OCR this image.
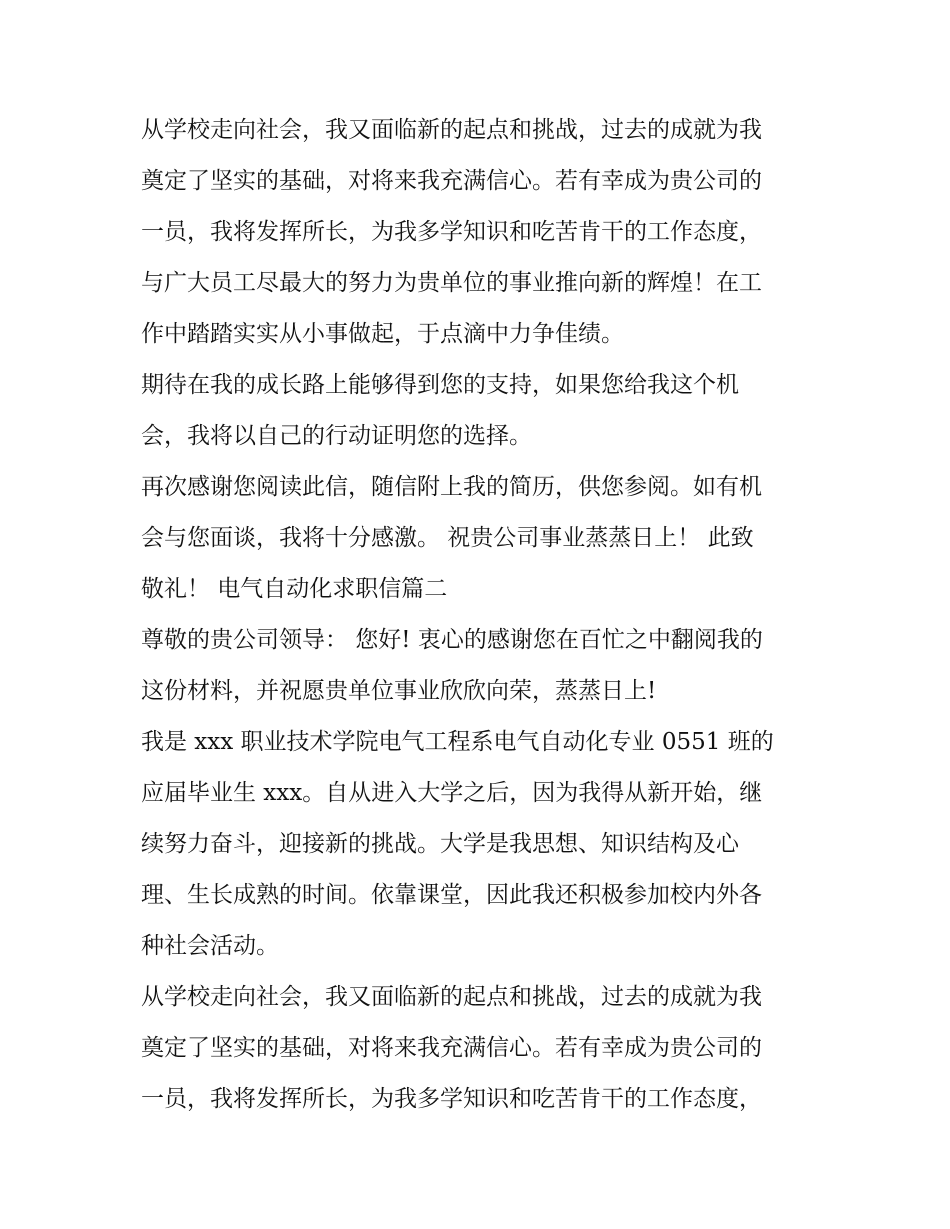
从学校走向社会，我又面临新的起点和挑战，过去的成就为我
奠定了坚实的基础，对将来我充满信心。若有幸成为贵公司的
一员，我将发挥所长，为我多学知识和吃苦肯干的工作态度，
与广大员工尽最大的努力为贵单位的事业推向新的辉煌！在工
作中踏踏实实从小事做起，于点滴中力争佳绩。
期待在我的成长路上能够得到您的支持，如果您给我这个机
会，我将以自己的行动证明您的选择。
再次感谢您阅读此信，随信附上我的简历，供您参阅。如有机
会与您面谈，我将十分感激。 祝贵公司事业蒸蒸日上！ 此致
敬礼！ 电气自动化求职信篇二
尊敬的贵公司领导： 您好! 衷心的感谢您在百忙之中翻阅我的
这份材料，并祝愿贵单位事业欣欣向荣，蒸蒸日上!
我是 xxx 职业技术学院电气工程系电气自动化专业 0551 班的
应届毕业生 xxx。自从进入大学之后，因为我得从新开始，继
续努力奋斗，迎接新的挑战。大学是我思想、知识结构及心
理、生长成熟的时间。依靠课堂，因此我还积极参加校内外各
种社会活动。
从学校走向社会，我又面临新的起点和挑战，过去的成就为我
奠定了坚实的基础，对将来我充满信心。若有幸成为贵公司的
一员，我将发挥所长，为我多学知识和吃苦肯干的工作态度，
